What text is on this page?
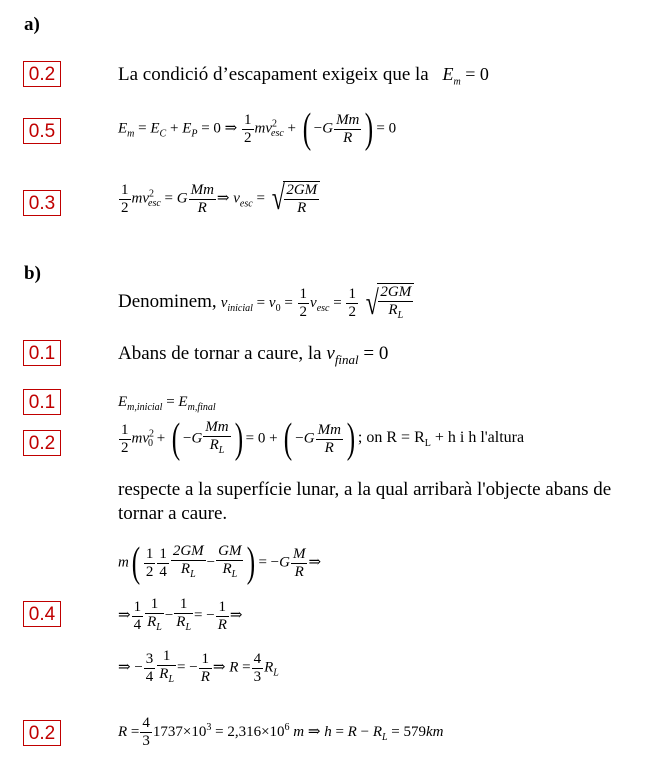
a)
0.2	La condició d’escapament exigeix que la $E_m = 0$
0.5	$E_m = E_C + E_P = 0$ ⇒ $\frac{1}{2} mv^2_{esc}$ + ( $-G \frac{Mm}{R}$ ) = 0
0.3	$\frac{1}{2} mv^2_{esc} = G \frac{Mm}{R}$ ⇒ $v_{esc}$ = √ $\frac{2GM}{R}$
b)
Denominem, $v_{inicial} = v_0 = \frac{1}{2} v_{esc} = \frac{1}{2}$ √ $\frac{2GM}{R_L}$
0.1	Abans de tornar a caure, la $v_{final} = 0$
0.1	$E_{m,inicial} = E_{m,final}$
0.2	$\frac{1}{2} mv^2_0$ + ( $-G \frac{Mm}{R_L}$ ) = 0 + ( $-G \frac{Mm}{R}$ ) ; on $R = R_L + h$ i h l'altura
respecte a la superfície lunar, a la qual arribarà l'objecte abans de tornar a caure.
$m( \frac{1}{2} \frac{1}{4} \frac{2GM}{R_L} - \frac{GM}{R_L}$ ) = $-G \frac{M}{R}$ ⇒
0.4	⇒ $\frac{1}{4} \frac{1}{R_L} - \frac{1}{R_L}$ = − $\frac{1}{R}$ ⇒
⇒ − $\frac{3}{4} \frac{1}{R_L}$ = − $\frac{1}{R}$ ⇒ $R = \frac{4}{3} R_L$
0.2	$R = \frac{4}{3} 1737\times 10^3 = 2,316\times 10^6$ m ⇒ $h = R - R_L = 579km$
